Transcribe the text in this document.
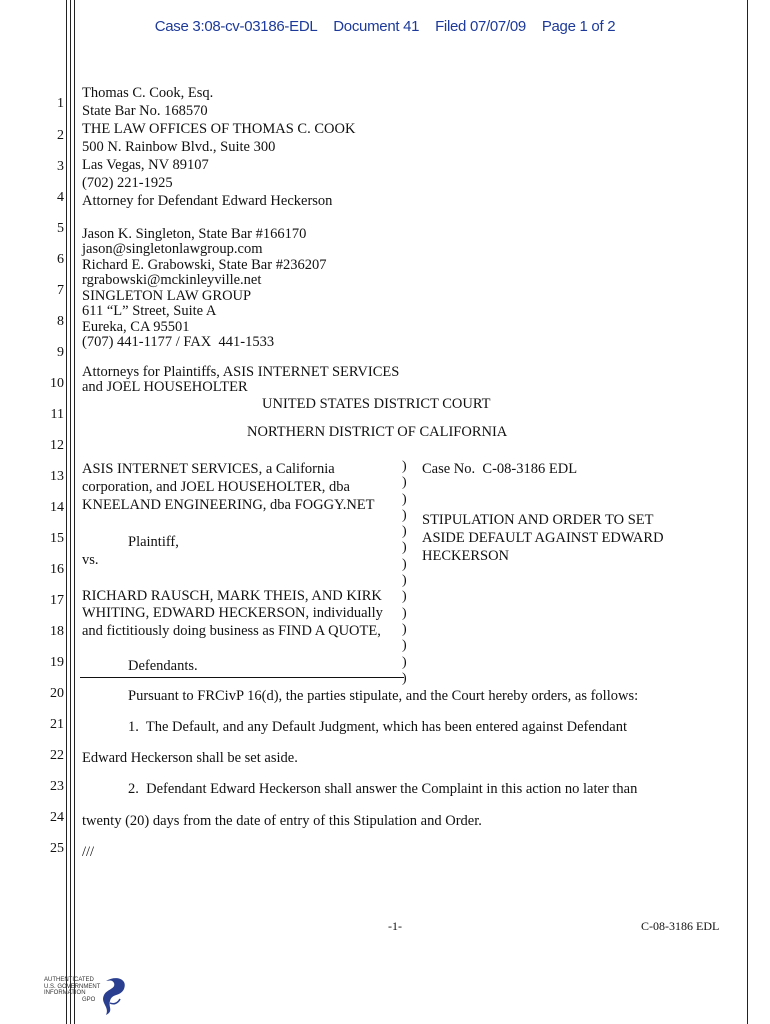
Case 3:08-cv-03186-EDL Document 41 Filed 07/07/09 Page 1 of 2
1
2
3
4
5
6
7
8
9
10
11
12
13
14
15
16
17
18
19
20
21
22
23
24
25
Thomas C. Cook, Esq.
State Bar No. 168570
THE LAW OFFICES OF THOMAS C. COOK
500 N. Rainbow Blvd., Suite 300
Las Vegas, NV 89107
(702) 221-1925
Attorney for Defendant Edward Heckerson
Jason K. Singleton, State Bar #166170
jason@singletonlawgroup.com
Richard E. Grabowski, State Bar #236207
rgrabowski@mckinleyville.net
SINGLETON LAW GROUP
611 “L” Street, Suite A
Eureka, CA 95501
(707) 441-1177 / FAX  441-1533
Attorneys for Plaintiffs, ASIS INTERNET SERVICES
and JOEL HOUSEHOLTER
UNITED STATES DISTRICT COURT
NORTHERN DISTRICT OF CALIFORNIA
ASIS INTERNET SERVICES, a California
corporation, and JOEL HOUSEHOLTER, dba
KNEELAND ENGINEERING, dba FOGGY.NET
Plaintiff,
vs.
RICHARD RAUSCH, MARK THEIS, AND KIRK
WHITING, EDWARD HECKERSON, individually
and fictitiously doing business as FIND A QUOTE,
Defendants.
)
)
)
)
)
)
)
)
)
)
)
)
)
)
Case No.  C-08-3186 EDL
STIPULATION AND ORDER TO SET
ASIDE DEFAULT AGAINST EDWARD
HECKERSON
Pursuant to FRCivP 16(d), the parties stipulate, and the Court hereby orders, as follows:
1.  The Default, and any Default Judgment, which has been entered against Defendant
Edward Heckerson shall be set aside.
2.  Defendant Edward Heckerson shall answer the Complaint in this action no later than
twenty (20) days from the date of entry of this Stipulation and Order.
///
-1-	C-08-3186 EDL
AUTHENTICATED
U.S. GOVERNMENT
INFORMATION
GPO
